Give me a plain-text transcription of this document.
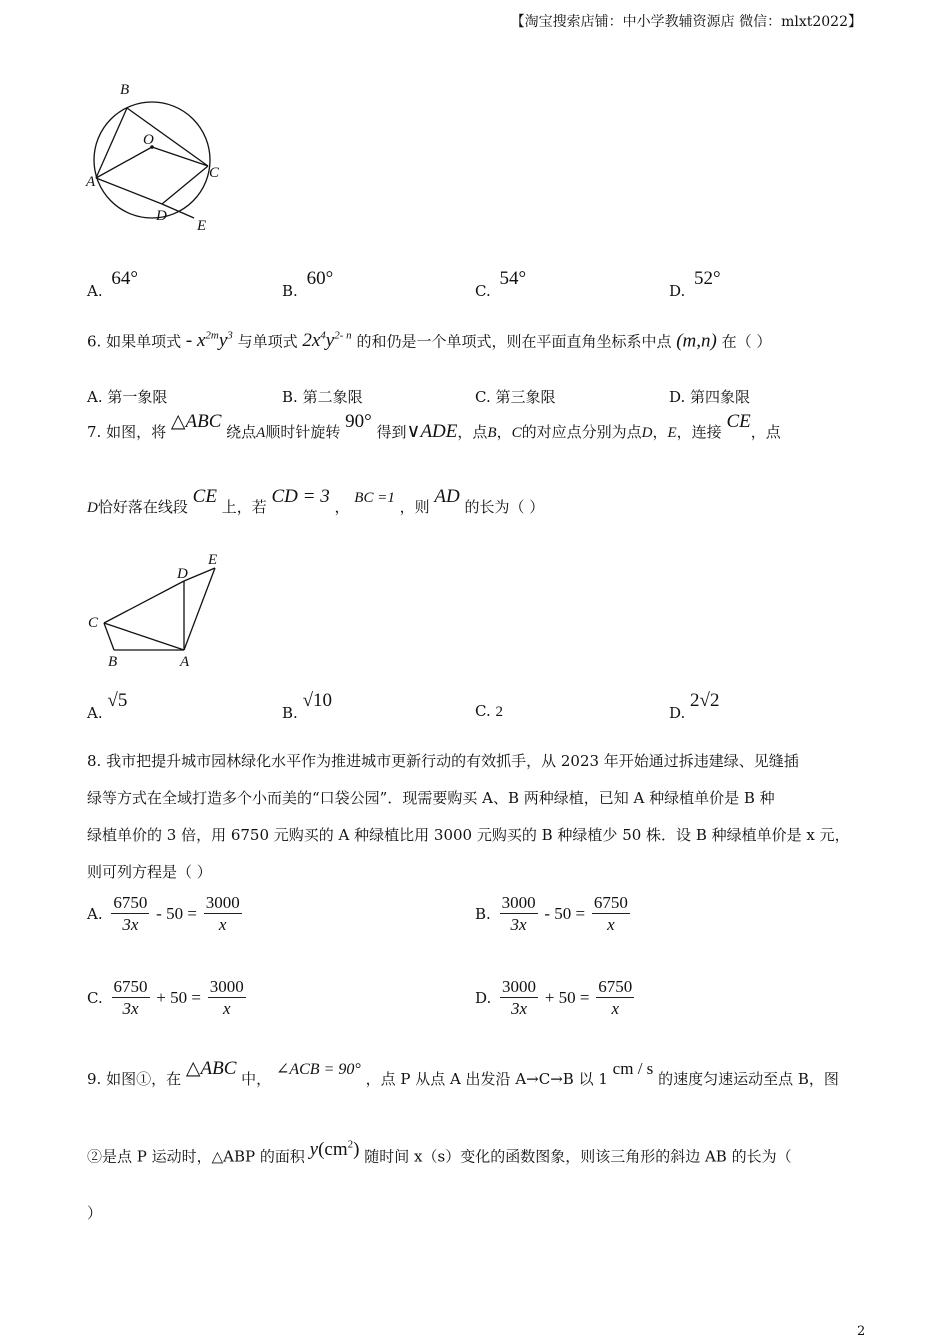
【淘宝搜索店铺：中小学教辅资源店 微信：mlxt2022】
B
O
A
C
D
E
A. 64°
B. 60°
C. 54°
D. 52°
6. 如果单项式 - $x^{2m}y^3$ 与单项式 $2x^4y^{2- n}$ 的和仍是一个单项式，则在平面直角坐标系中点 (m,n) 在（ ）
A. 第一象限	B. 第二象限	C. 第三象限	D. 第四象限
7. 如图，将 △ABC 绕点A顺时针旋转 90° 得到∨ADE，点B，C的对应点分别为点D，E，连接 CE，点
D恰好落在线段 CE 上，若 CD = 3 ， BC =1 ，则 AD 的长为（ ）
D
E
C
B	A
A. √5
B. √10	C. 2	D. 2√2
8. 我市把提升城市园林绿化水平作为推进城市更新行动的有效抓手，从 2023 年开始通过拆违建绿、见缝插
绿等方式在全域打造多个小而美的“口袋公园”．现需要购买 A、B 两种绿植，已知 A 种绿植单价是 B 种
绿植单价的 3 倍，用 6750 元购买的 A 种绿植比用 3000 元购买的 B 种绿植少 50 株．设 B 种绿植单价是 x 元，
则可列方程是（ ）
A. $\frac{6750}{3x} - 50 = \frac{3000}{x}$	B. $\frac{3000}{3x} - 50 = \frac{6750}{x}$
C. $\frac{6750}{3x} + 50 = \frac{3000}{x}$	D. $\frac{3000}{3x} + 50 = \frac{6750}{x}$
9. 如图①，在 △ABC 中， ∠ACB = 90° ，点 P 从点 A 出发沿 A→C→B 以 1 cm / s 的速度匀速运动至点 B，图
②是点 P 运动时，△ABP 的面积 $y(cm^2)$ 随时间 x（s）变化的函数图象，则该三角形的斜边 AB 的长为（
）
2
